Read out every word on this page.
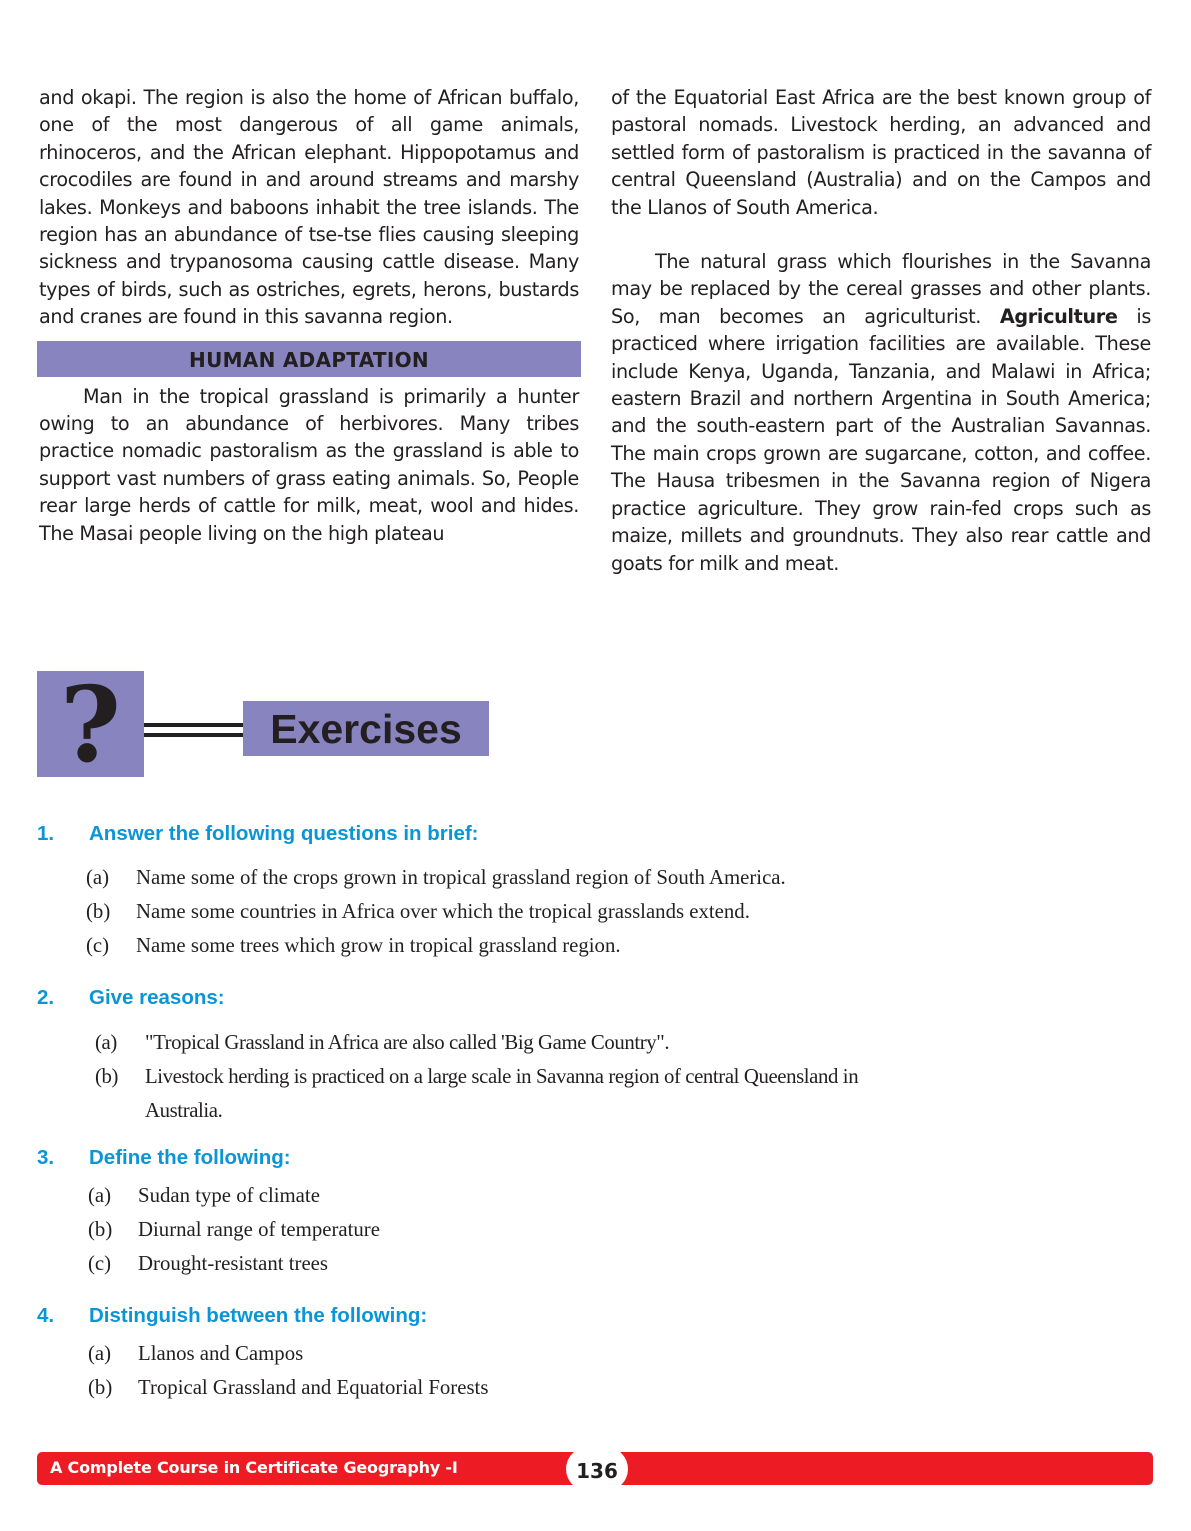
and okapi. The region is also the home of African buffalo, one of the most dangerous of all game animals, rhinoceros, and the African elephant. Hippopotamus and crocodiles are found in and around streams and marshy lakes. Monkeys and baboons inhabit the tree islands. The region has an abundance of tse-tse flies causing sleeping sickness and trypanosoma causing cattle disease. Many types of birds, such as ostriches, egrets, herons, bustards and cranes are found in this savanna region.

HUMAN ADAPTATION

Man in the tropical grassland is primarily a hunter owing to an abundance of herbivores. Many tribes practice nomadic pastoralism as the grassland is able to support vast numbers of grass eating animals. So, People rear large herds of cattle for milk, meat, wool and hides. The Masai people living on the high plateau

of the Equatorial East Africa are the best known group of pastoral nomads. Livestock herding, an advanced and settled form of pastoralism is practiced in the savanna of central Queensland (Australia) and on the Campos and the Llanos of South America.

The natural grass which flourishes in the Savanna may be replaced by the cereal grasses and other plants. So, man becomes an agriculturist. Agriculture is practiced where irrigation facilities are available. These include Kenya, Uganda, Tanzania, and Malawi in Africa; eastern Brazil and northern Argentina in South America; and the south-eastern part of the Australian Savannas. The main crops grown are sugarcane, cotton, and coffee. The Hausa tribesmen in the Savanna region of Nigera practice agriculture. They grow rain-fed crops such as maize, millets and groundnuts. They also rear cattle and goats for milk and meat.

?	Exercises
1. Answer the following questions in brief:
(a) Name some of the crops grown in tropical grassland region of South America.
(b) Name some countries in Africa over which the tropical grasslands extend.
(c) Name some trees which grow in tropical grassland region.
2. Give reasons:
(a) "Tropical Grassland in Africa are also called 'Big Game Country".
(b) Livestock herding is practiced on a large scale in Savanna region of central Queensland in
Australia.
3. Define the following:
(a) Sudan type of climate
(b) Diurnal range of temperature
(c) Drought-resistant trees
4. Distinguish between the following:
(a) Llanos and Campos
(b) Tropical Grassland and Equatorial Forests
A Complete Course in Certificate Geography -I	136
